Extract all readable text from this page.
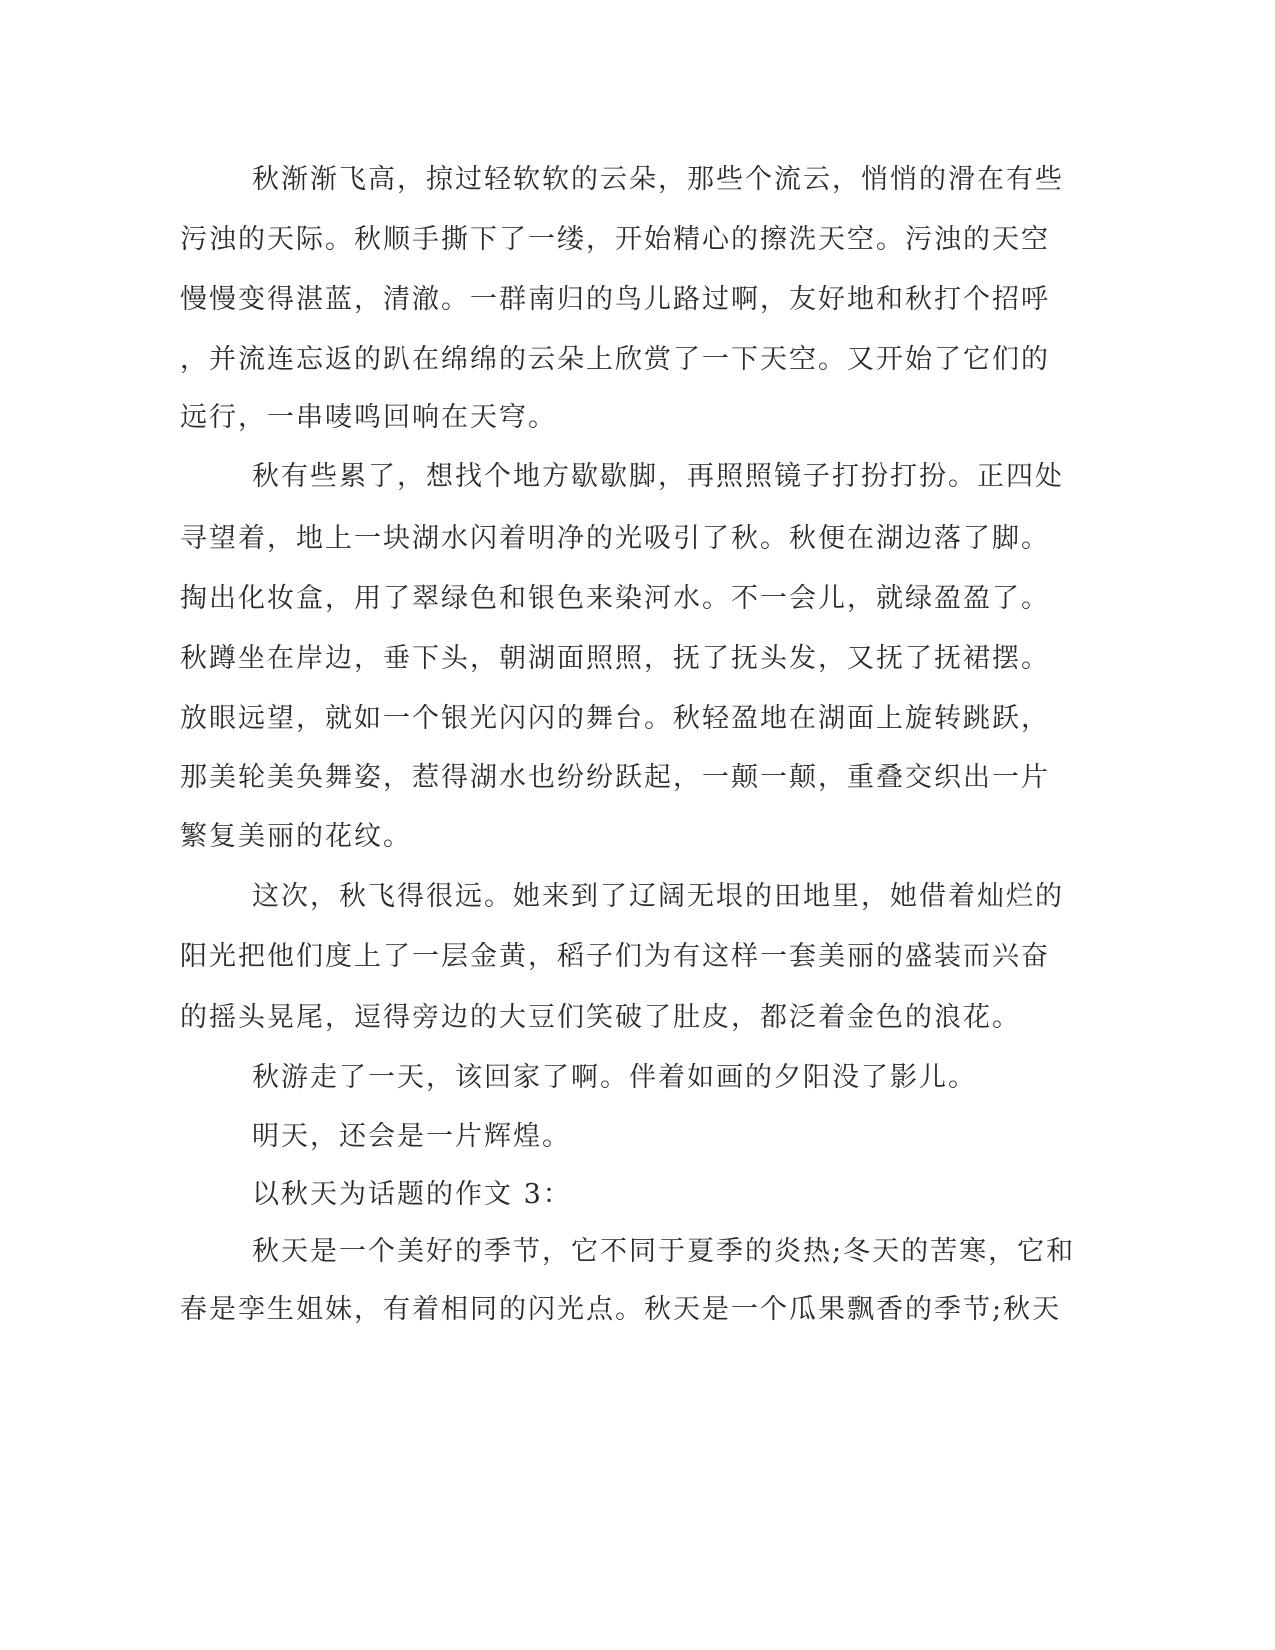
秋渐渐飞高，掠过轻软软的云朵，那些个流云，悄悄的滑在有些
污浊的天际。秋顺手撕下了一缕，开始精心的擦洗天空。污浊的天空
慢慢变得湛蓝，清澈。一群南归的鸟儿路过啊，友好地和秋打个招呼
，并流连忘返的趴在绵绵的云朵上欣赏了一下天空。又开始了它们的
远行，一串唛鸣回响在天穹。
秋有些累了，想找个地方歇歇脚，再照照镜子打扮打扮。正四处
寻望着，地上一块湖水闪着明净的光吸引了秋。秋便在湖边落了脚。
掏出化妆盒，用了翠绿色和银色来染河水。不一会儿，就绿盈盈了。
秋蹲坐在岸边，垂下头，朝湖面照照，抚了抚头发，又抚了抚裙摆。
放眼远望，就如一个银光闪闪的舞台。秋轻盈地在湖面上旋转跳跃，
那美轮美奂舞姿，惹得湖水也纷纷跃起，一颠一颠，重叠交织出一片
繁复美丽的花纹。
这次，秋飞得很远。她来到了辽阔无垠的田地里，她借着灿烂的
阳光把他们度上了一层金黄，稻子们为有这样一套美丽的盛装而兴奋
的摇头晃尾，逗得旁边的大豆们笑破了肚皮，都泛着金色的浪花。
秋游走了一天，该回家了啊。伴着如画的夕阳没了影儿。
明天，还会是一片辉煌。
以秋天为话题的作文 3：
秋天是一个美好的季节，它不同于夏季的炎热;冬天的苦寒，它和
春是孪生姐妹，有着相同的闪光点。秋天是一个瓜果飘香的季节;秋天
